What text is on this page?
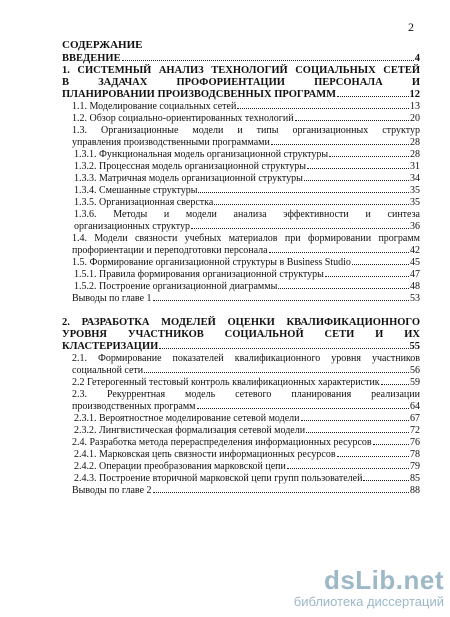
2
СОДЕРЖАНИЕ
ВВЕДЕНИЕ	4
1. СИСТЕМНЫЙ АНАЛИЗ ТЕХНОЛОГИЙ СОЦИАЛЬНЫХ СЕТЕЙ
В ЗАДАЧАХ ПРОФОРИЕНТАЦИИ ПЕРСОНАЛА И
ПЛАНИРОВАНИИ ПРОИЗВОДСВЕННЫХ ПРОГРАММ	12
1.1. Моделирование социальных сетей	13
1.2. Обзор социально-ориентированных технологий	20
1.3. Организационные модели и типы организационных структур
управления производственными программами	28
1.3.1. Функциональная модель организационной структуры	28
1.3.2. Процессная модель организационной структуры	31
1.3.3. Матричная модель организационной структуры	34
1.3.4. Смешанные структуры	35
1.3.5. Организационная сверстка	35
1.3.6. Методы и модели анализа эффективности и синтеза
организационных структур	36
1.4. Модели связности учебных материалов при формировании программ
профориентации и переподготовки персонала	42
1.5. Формирование организационной структуры в Business Studio	45
1.5.1. Правила формирования организационной структуры	47
1.5.2. Построение организационной диаграммы	48
Выводы по главе 1	53
2. РАЗРАБОТКА МОДЕЛЕЙ ОЦЕНКИ КВАЛИФИКАЦИОННОГО
УРОВНЯ УЧАСТНИКОВ СОЦИАЛЬНОЙ СЕТИ И ИХ
КЛАСТЕРИЗАЦИИ	55
2.1. Формирование показателей квалификационного уровня участников
социальной сети	56
2.2 Гетерогенный тестовый контроль квалификационных характеристик	59
2.3. Рекуррентная модель сетевого планирования реализации
производственных программ	64
2.3.1. Вероятностное моделирование сетевой модели	67
2.3.2. Лингвистическая формализация сетевой модели	72
2.4. Разработка метода перераспределения информационных ресурсов	76
2.4.1. Марковская цепь связности информационных ресурсов	78
2.4.2. Операции преобразования марковской цепи	79
2.4.3. Построение вторичной марковской цепи групп пользователей	85
Выводы по главе 2	88
dsLib.net
библиотека диссертаций
